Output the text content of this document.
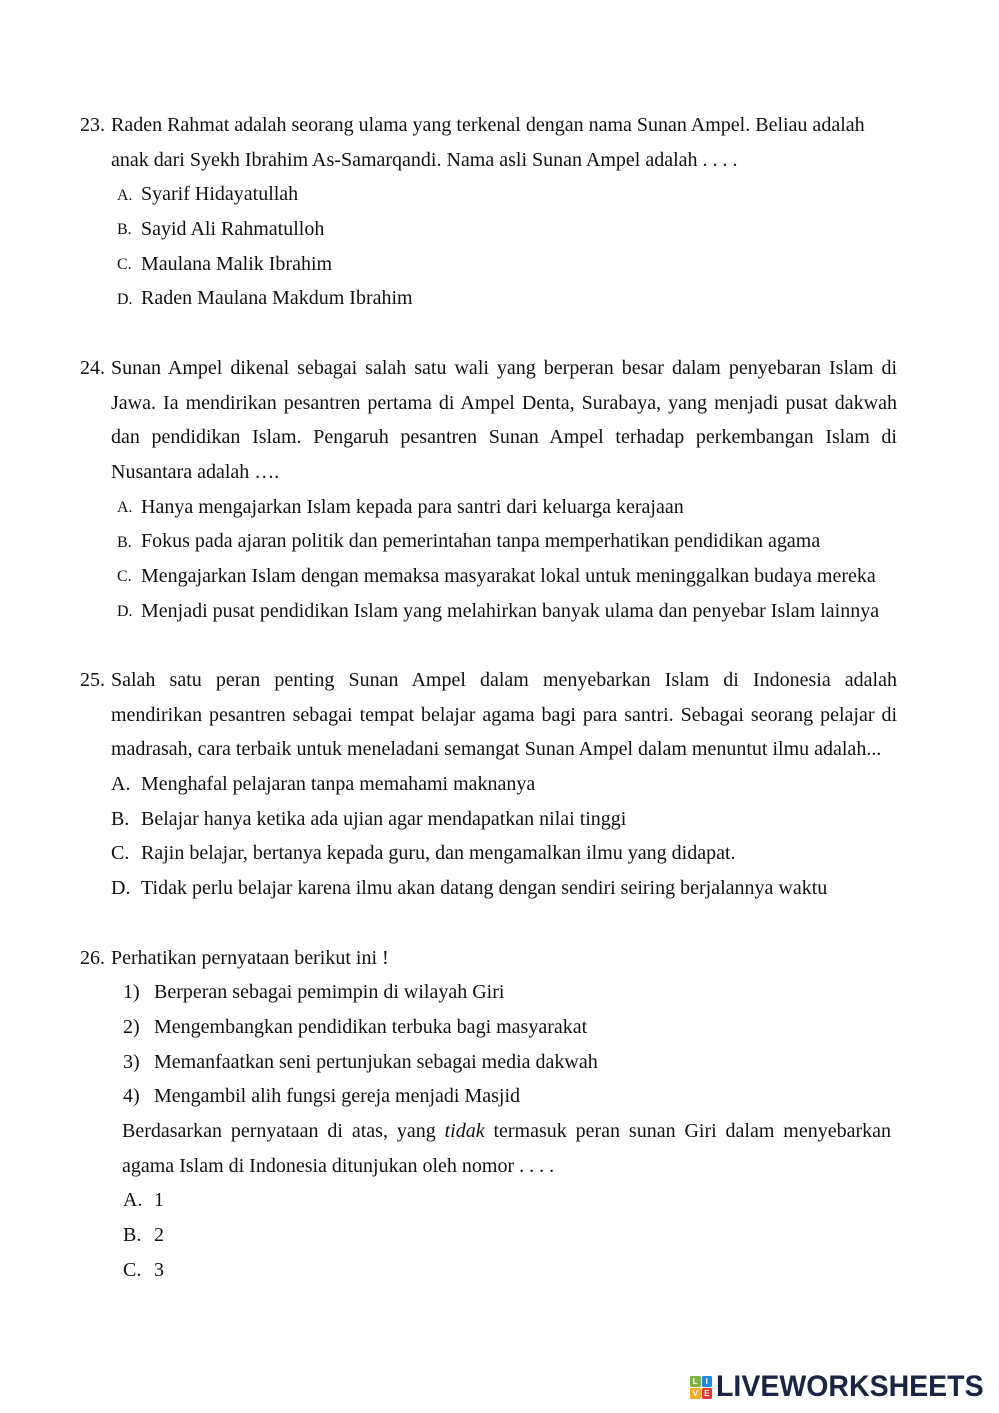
23. Raden Rahmat adalah seorang ulama yang terkenal dengan nama Sunan Ampel. Beliau adalah
anak dari Syekh Ibrahim As-Samarqandi. Nama asli Sunan Ampel adalah . . . .
A. Syarif Hidayatullah
B. Sayid Ali Rahmatulloh
C. Maulana Malik Ibrahim
D. Raden Maulana Makdum Ibrahim
24. Sunan Ampel dikenal sebagai salah satu wali yang berperan besar dalam penyebaran Islam di
Jawa. Ia mendirikan pesantren pertama di Ampel Denta, Surabaya, yang menjadi pusat dakwah
dan pendidikan Islam. Pengaruh pesantren Sunan Ampel terhadap perkembangan Islam di
Nusantara adalah ….
A. Hanya mengajarkan Islam kepada para santri dari keluarga kerajaan
B. Fokus pada ajaran politik dan pemerintahan tanpa memperhatikan pendidikan agama
C. Mengajarkan Islam dengan memaksa masyarakat lokal untuk meninggalkan budaya mereka
D. Menjadi pusat pendidikan Islam yang melahirkan banyak ulama dan penyebar Islam lainnya
25. Salah satu peran penting Sunan Ampel dalam menyebarkan Islam di Indonesia adalah
mendirikan pesantren sebagai tempat belajar agama bagi para santri. Sebagai seorang pelajar di
madrasah, cara terbaik untuk meneladani semangat Sunan Ampel dalam menuntut ilmu adalah...
A. Menghafal pelajaran tanpa memahami maknanya
B. Belajar hanya ketika ada ujian agar mendapatkan nilai tinggi
C. Rajin belajar, bertanya kepada guru, dan mengamalkan ilmu yang didapat.
D. Tidak perlu belajar karena ilmu akan datang dengan sendiri seiring berjalannya waktu
26. Perhatikan pernyataan berikut ini !
1) Berperan sebagai pemimpin di wilayah Giri
2) Mengembangkan pendidikan terbuka bagi masyarakat
3) Memanfaatkan seni pertunjukan sebagai media dakwah
4) Mengambil alih fungsi gereja menjadi Masjid
Berdasarkan pernyataan di atas, yang tidak termasuk peran sunan Giri dalam menyebarkan
agama Islam di Indonesia ditunjukan oleh nomor . . . .
A. 1
B. 2
C. 3
L I
V E LIVEWORKSHEETS
